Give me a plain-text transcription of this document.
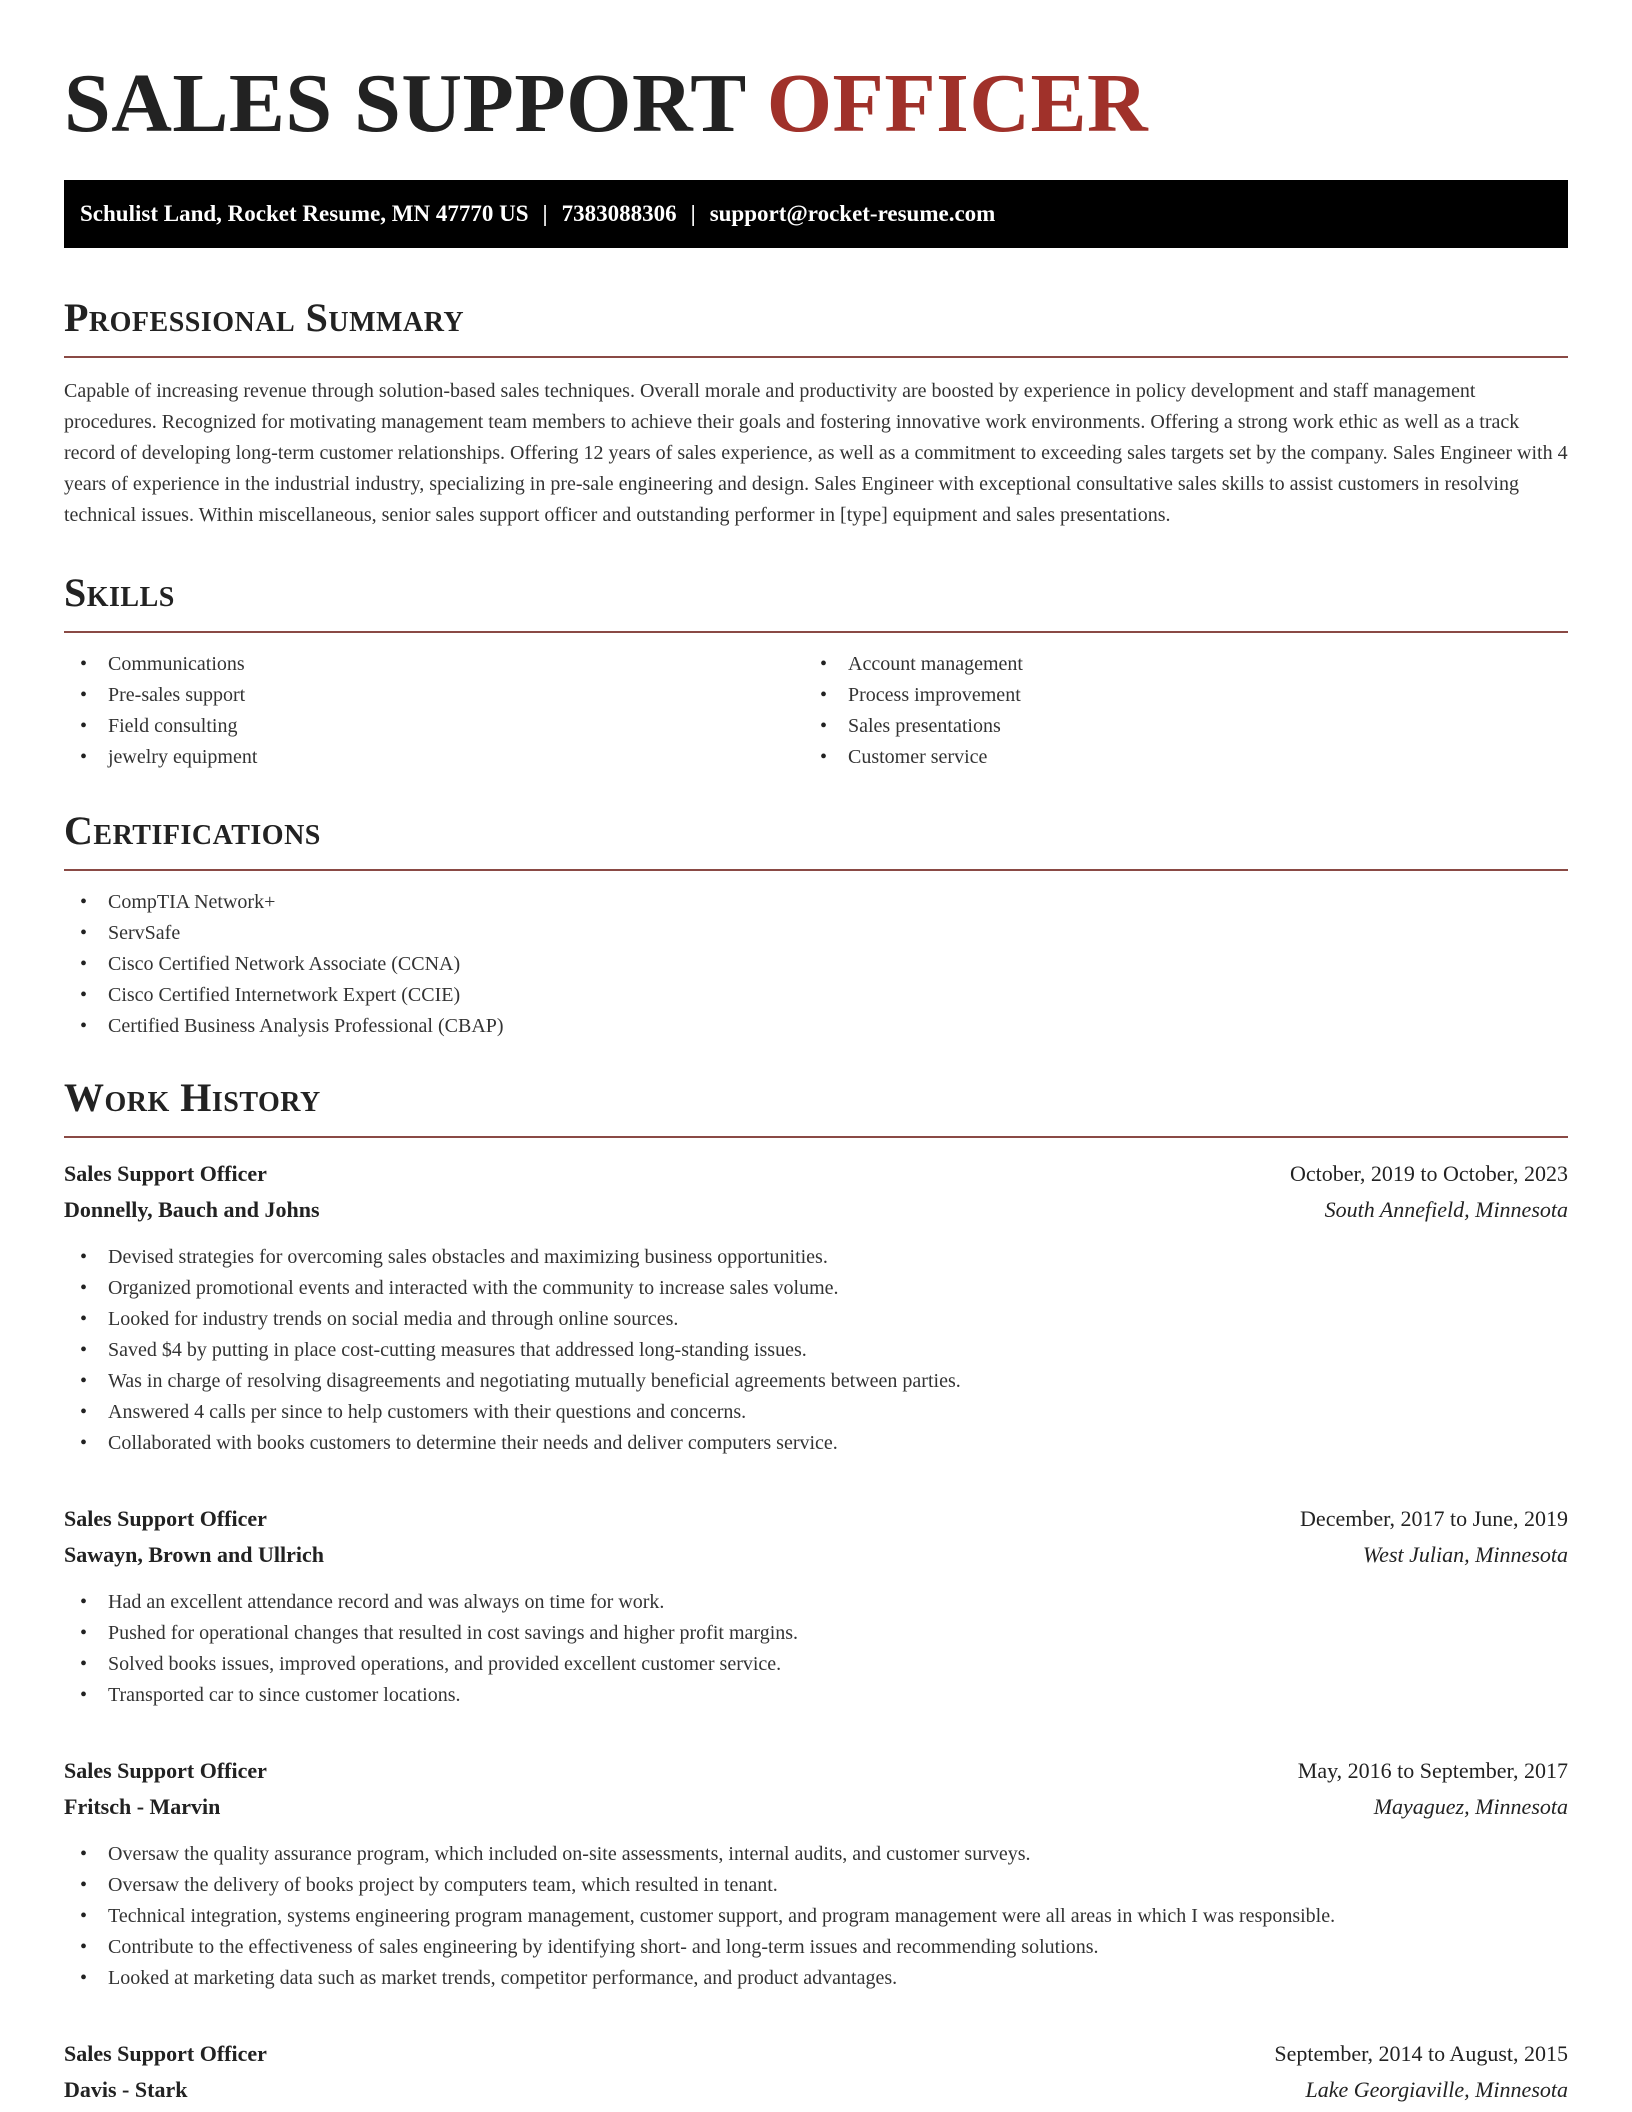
SALES SUPPORT OFFICER
Schulist Land, Rocket Resume, MN 47770 US | 7383088306 | support@rocket-resume.com
Professional Summary

Capable of increasing revenue through solution-based sales techniques. Overall morale and productivity are boosted by experience in policy development and staff management procedures. Recognized for motivating management team members to achieve their goals and fostering innovative work environments. Offering a strong work ethic as well as a track record of developing long-term customer relationships. Offering 12 years of sales experience, as well as a commitment to exceeding sales targets set by the company. Sales Engineer with 4 years of experience in the industrial industry, specializing in pre-sale engineering and design. Sales Engineer with exceptional consultative sales skills to assist customers in resolving technical issues. Within miscellaneous, senior sales support officer and outstanding performer in [type] equipment and sales presentations.

Skills
• Communications
• Pre-sales support
• Field consulting
• jewelry equipment
• Account management
• Process improvement
• Sales presentations
• Customer service
Certifications
• CompTIA Network+
• ServSafe
• Cisco Certified Network Associate (CCNA)
• Cisco Certified Internetwork Expert (CCIE)
• Certified Business Analysis Professional (CBAP)
Work History
Sales Support Officer	October, 2019 to October, 2023
Donnelly, Bauch and Johns	South Annefield, Minnesota
• Devised strategies for overcoming sales obstacles and maximizing business opportunities.
• Organized promotional events and interacted with the community to increase sales volume.
• Looked for industry trends on social media and through online sources.
• Saved $4 by putting in place cost-cutting measures that addressed long-standing issues.
• Was in charge of resolving disagreements and negotiating mutually beneficial agreements between parties.
• Answered 4 calls per since to help customers with their questions and concerns.
• Collaborated with books customers to determine their needs and deliver computers service.
Sales Support Officer	December, 2017 to June, 2019
Sawayn, Brown and Ullrich	West Julian, Minnesota
• Had an excellent attendance record and was always on time for work.
• Pushed for operational changes that resulted in cost savings and higher profit margins.
• Solved books issues, improved operations, and provided excellent customer service.
• Transported car to since customer locations.
Sales Support Officer	May, 2016 to September, 2017
Fritsch - Marvin	Mayaguez, Minnesota
• Oversaw the quality assurance program, which included on-site assessments, internal audits, and customer surveys.
• Oversaw the delivery of books project by computers team, which resulted in tenant.
• Technical integration, systems engineering program management, customer support, and program management were all areas in which I was responsible.
• Contribute to the effectiveness of sales engineering by identifying short- and long-term issues and recommending solutions.
• Looked at marketing data such as market trends, competitor performance, and product advantages.
Sales Support Officer	September, 2014 to August, 2015
Davis - Stark	Lake Georgiaville, Minnesota
